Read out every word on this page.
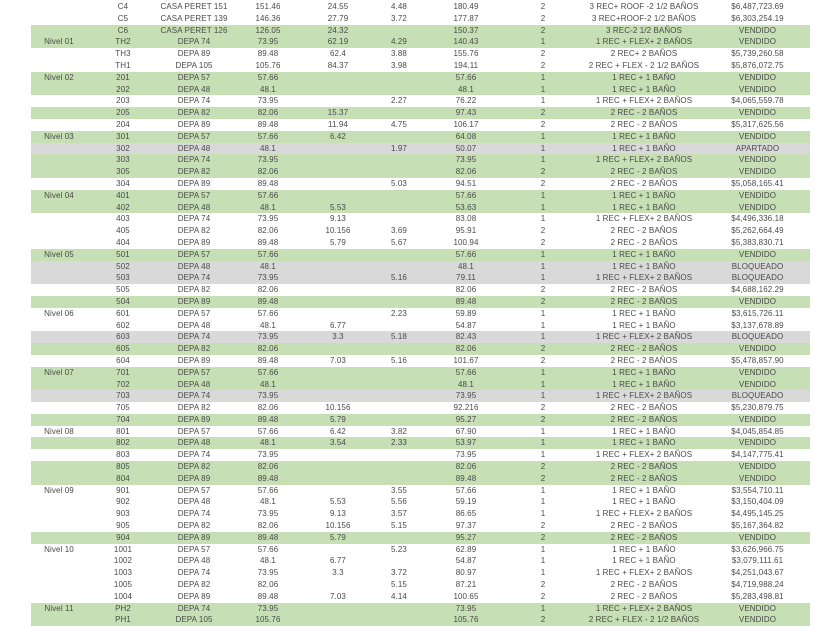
	C4	CASA PERET 151	151.46	24.55	4.48	180.49	2	3 REC+ ROOF -2 1/2 BAÑOS	$6,487,723.69
	C5	CASA PERET 139	146.36	27.79	3.72	177.87	2	3 REC+ROOF-2 1/2 BAÑOS	$6,303,254.19
	C6	CASA PERET 126	126.05	24.32		150.37	2	3 REC-2 1/2 BAÑOS	VENDIDO
Nivel 01	TH2	DEPA 74	73.95	62.19	4.29	140.43	1	1 REC + FLEX+ 2 BAÑOS	VENDIDO
	TH3	DEPA 89	89.48	62.4	3.88	155.76	2	2 REC+ 2 BAÑOS	$5,739,260.58
	TH1	DEPA 105	105.76	84.37	3.98	194.11	2	2 REC + FLEX - 2 1/2 BAÑOS	$5,876,072.75
Nivel 02	201	DEPA 57	57.66			57.66	1	1 REC + 1 BAÑO	VENDIDO
	202	DEPA 48	48.1			48.1	1	1 REC + 1 BAÑO	VENDIDO
	203	DEPA 74	73.95		2.27	76.22	1	1 REC + FLEX+ 2 BAÑOS	$4,065,559.78
	205	DEPA 82	82.06	15.37		97.43	2	2 REC - 2 BAÑOS	VENDIDO
	204	DEPA 89	89.48	11.94	4.75	106.17	2	2 REC - 2 BAÑOS	$5,317,625.56
Nivel 03	301	DEPA 57	57.66	6.42		64.08	1	1 REC + 1 BAÑO	VENDIDO
	302	DEPA 48	48.1		1.97	50.07	1	1 REC + 1 BAÑO	APARTADO
	303	DEPA 74	73.95			73.95	1	1 REC + FLEX+ 2 BAÑOS	VENDIDO
	305	DEPA 82	82.06			82.06	2	2 REC - 2 BAÑOS	VENDIDO
	304	DEPA 89	89.48		5.03	94.51	2	2 REC - 2 BAÑOS	$5,058,165.41
Nivel 04	401	DEPA 57	57.66			57.66	1	1 REC + 1 BAÑO	VENDIDO
	402	DEPA 48	48.1	5.53		53.63	1	1 REC + 1 BAÑO	VENDIDO
	403	DEPA 74	73.95	9.13		83.08	1	1 REC + FLEX+ 2 BAÑOS	$4,496,336.18
	405	DEPA 82	82.06	10.156	3.69	95.91	2	2 REC - 2 BAÑOS	$5,262,664.49
	404	DEPA 89	89.48	5.79	5.67	100.94	2	2 REC - 2 BAÑOS	$5,383,830.71
Nivel 05	501	DEPA 57	57.66			57.66	1	1 REC + 1 BAÑO	VENDIDO
	502	DEPA 48	48.1			48.1	1	1 REC + 1 BAÑO	BLOQUEADO
	503	DEPA 74	73.95		5.16	79.11	1	1 REC + FLEX+ 2 BAÑOS	BLOQUEADO
	505	DEPA 82	82.06			82.06	2	2 REC - 2 BAÑOS	$4,688,162.29
	504	DEPA 89	89.48			89.48	2	2 REC - 2 BAÑOS	VENDIDO
Nivel 06	601	DEPA 57	57.66		2.23	59.89	1	1 REC + 1 BAÑO	$3,615,726.11
	602	DEPA 48	48.1	6.77		54.87	1	1 REC + 1 BAÑO	$3,137,678.89
	603	DEPA 74	73.95	3.3	5.18	82.43	1	1 REC + FLEX+ 2 BAÑOS	BLOQUEADO
	605	DEPA 82	82.06			82.06	2	2 REC - 2 BAÑOS	VENDIDO
	604	DEPA 89	89.48	7.03	5.16	101.67	2	2 REC - 2 BAÑOS	$5,478,857.90
Nivel 07	701	DEPA 57	57.66			57.66	1	1 REC + 1 BAÑO	VENDIDO
	702	DEPA 48	48.1			48.1	1	1 REC + 1 BAÑO	VENDIDO
	703	DEPA 74	73.95			73.95	1	1 REC + FLEX+ 2 BAÑOS	BLOQUEADO
	705	DEPA 82	82.06	10.156		92.216	2	2 REC - 2 BAÑOS	$5,230,879.75
	704	DEPA 89	89.48	5.79		95.27	2	2 REC - 2 BAÑOS	VENDIDO
Nivel 08	801	DEPA 57	57.66	6.42	3.82	67.90	1	1 REC + 1 BAÑO	$4,045,854.85
	802	DEPA 48	48.1	3.54	2.33	53.97	1	1 REC + 1 BAÑO	VENDIDO
	803	DEPA 74	73.95			73.95	1	1 REC + FLEX+ 2 BAÑOS	$4,147,775.41
	805	DEPA 82	82.06			82.06	2	2 REC - 2 BAÑOS	VENDIDO
	804	DEPA 89	89.48			89.48	2	2 REC - 2 BAÑOS	VENDIDO
Nivel 09	901	DEPA 57	57.66		3.55	57.66	1	1 REC + 1 BAÑO	$3,554,710.11
	902	DEPA 48	48.1	5.53	5.56	59.19	1	1 REC + 1 BAÑO	$3,150,404.09
	903	DEPA 74	73.95	9.13	3.57	86.65	1	1 REC + FLEX+ 2 BAÑOS	$4,495,145.25
	905	DEPA 82	82.06	10.156	5.15	97.37	2	2 REC - 2 BAÑOS	$5,167,364.82
	904	DEPA 89	89.48	5.79		95.27	2	2 REC - 2 BAÑOS	VENDIDO
Nivel 10	1001	DEPA 57	57.66		5.23	62.89	1	1 REC + 1 BAÑO	$3,626,966.75
	1002	DEPA 48	48.1	6.77		54.87	1	1 REC + 1 BAÑO	$3,079,111.61
	1003	DEPA 74	73.95	3.3	3.72	80.97	1	1 REC + FLEX+ 2 BAÑOS	$4,251,043.67
	1005	DEPA 82	82.06		5.15	87.21	2	2 REC - 2 BAÑOS	$4,719,988.24
	1004	DEPA 89	89.48	7.03	4.14	100.65	2	2 REC - 2 BAÑOS	$5,283,498.81
Nivel 11	PH2	DEPA 74	73.95			73.95	1	1 REC + FLEX+ 2 BAÑOS	VENDIDO
	PH1	DEPA 105	105.76			105.76	2	2 REC + FLEX - 2 1/2 BAÑOS	VENDIDO
